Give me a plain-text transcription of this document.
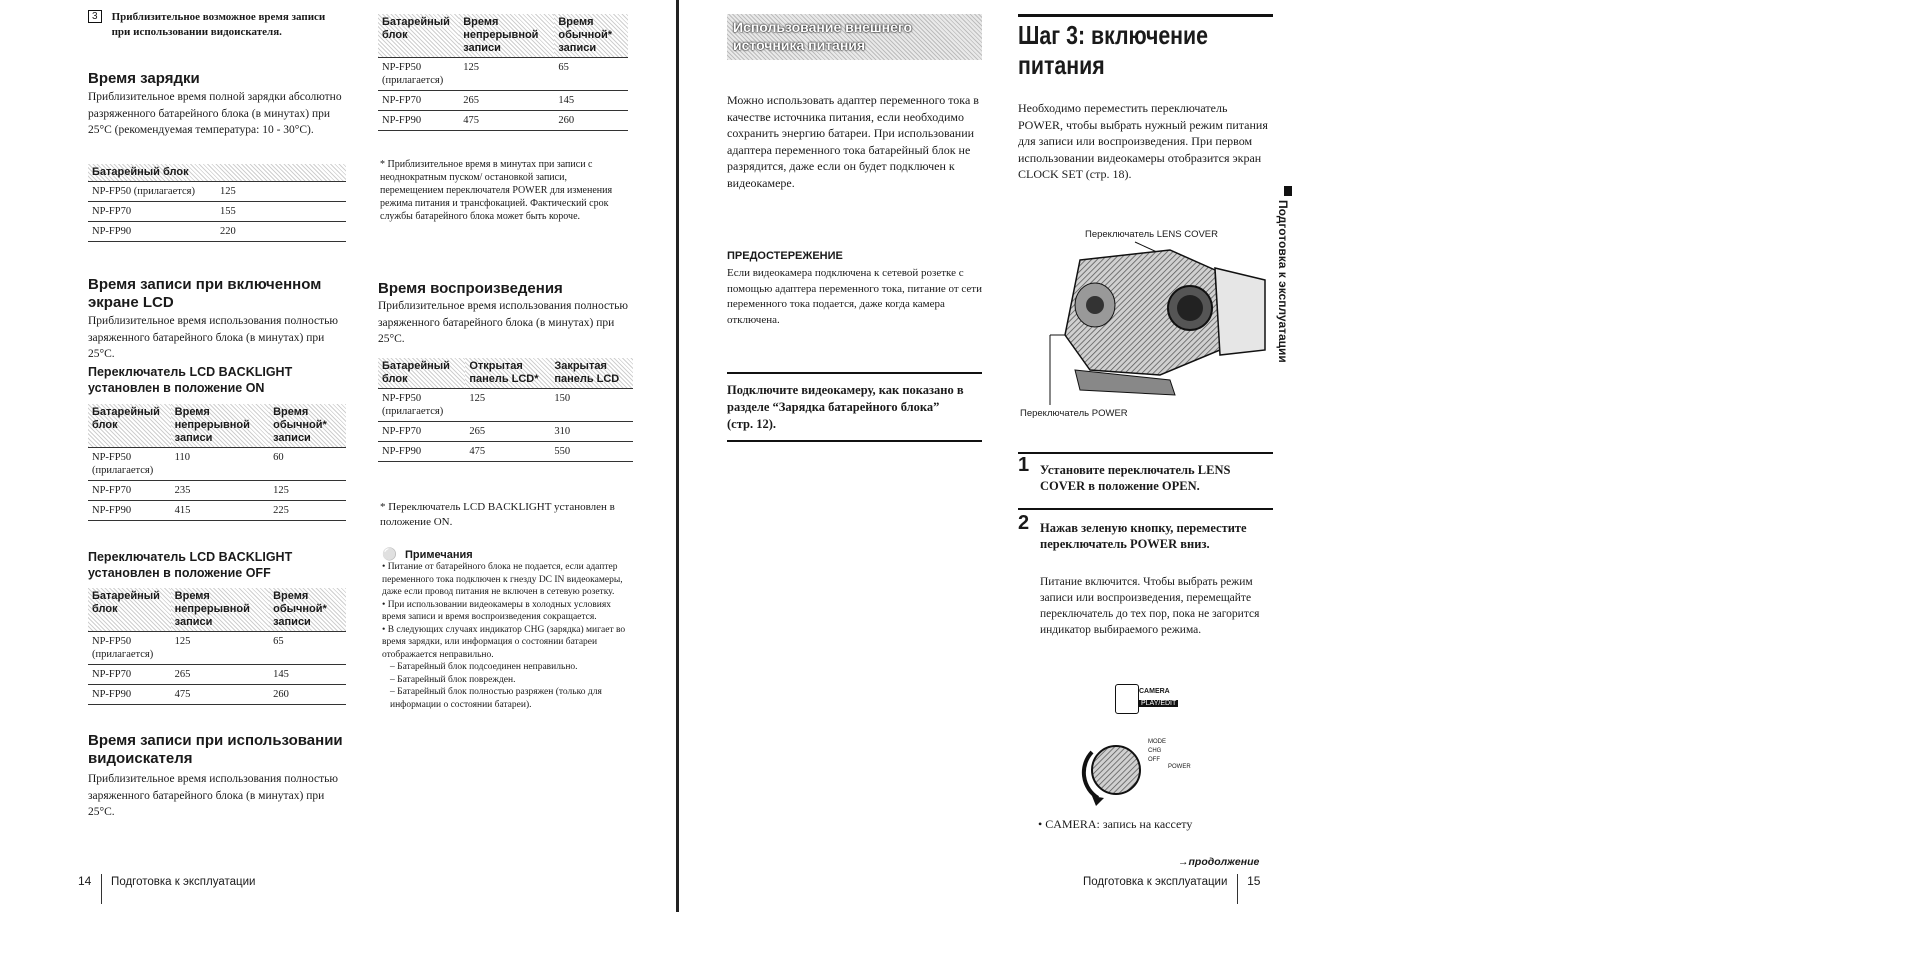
3 Приблизительное возможное время записи при использовании видоискателя.
Время зарядки
Приблизительное время полной зарядки абсолютно разряженного батарейного блока (в минутах) при 25°C (рекомендуемая температура: 10 - 30°C).
Батарейный блок	
NP-FP50 (прилагается)	125
NP-FP70	155
NP-FP90	220
Время записи при включенном экране LCD
Приблизительное время использования полностью заряженного батарейного блока (в минутах) при 25°C.
Переключатель LCD BACKLIGHT установлен в положение ON
Батарейный блок	Время непрерывной записи	Время обычной* записи
NP-FP50 (прилагается)	110	60
NP-FP70	235	125
NP-FP90	415	225
Переключатель LCD BACKLIGHT установлен в положение OFF
Батарейный блок	Время непрерывной записи	Время обычной* записи
NP-FP50 (прилагается)	125	65
NP-FP70	265	145
NP-FP90	475	260
Время записи при использовании видоискателя
Приблизительное время использования полностью заряженного батарейного блока (в минутах) при 25°C.
Батарейный блок	Время непрерывной записи	Время обычной* записи
NP-FP50 (прилагается)	125	65
NP-FP70	265	145
NP-FP90	475	260
* Приблизительное время в минутах при записи с неоднократным пуском/ остановкой записи, перемещением переключателя POWER для изменения режима питания и трансфокацией. Фактический срок службы батарейного блока может быть короче.
Время воспроизведения
Приблизительное время использования полностью заряженного батарейного блока (в минутах) при 25°C.
Батарейный блок	Открытая панель LCD*	Закрытая панель LCD
NP-FP50 (прилагается)	125	150
NP-FP70	265	310
NP-FP90	475	550
* Переключатель LCD BACKLIGHT установлен в положение ON.
⚪ Примечания
• Питание от батарейного блока не подается, если адаптер переменного тока подключен к гнезду DC IN видеокамеры, даже если провод питания не включен в сетевую розетку.
• При использовании видеокамеры в холодных условиях время записи и время воспроизведения сокращается.
• В следующих случаях индикатор CHG (зарядка) мигает во время зарядки, или информация о состоянии батареи отображается неправильно.
– Батарейный блок подсоединен неправильно.
– Батарейный блок поврежден.
– Батарейный блок полностью разряжен (только для информации о состоянии батареи).
14 Подготовка к эксплуатации
Использование внешнего источника питания
Можно использовать адаптер переменного тока в качестве источника питания, если необходимо сохранить энергию батареи. При использовании адаптера переменного тока батарейный блок не разрядится, даже если он будет подключен к видеокамере.
ПРЕДОСТЕРЕЖЕНИЕ
Если видеокамера подключена к сетевой розетке с помощью адаптера переменного тока, питание от сети переменного тока подается, даже когда камера отключена.
Подключите видеокамеру, как показано в разделе “Зарядка батарейного блока” (стр. 12).
Шаг 3: включение питания
Необходимо переместить переключатель POWER, чтобы выбрать нужный режим питания для записи или воспроизведения. При первом использовании видеокамеры отобразится экран CLOCK SET (стр. 18).
Переключатель LENS COVER
Переключатель POWER
1 Установите переключатель LENS COVER в положение OPEN.
2 Нажав зеленую кнопку, переместите переключатель POWER вниз.
Питание включится. Чтобы выбрать режим записи или воспроизведения, перемещайте переключатель до тех пор, пока не загорится индикатор выбираемого режима.
CAMERA
PLAY/EDIT
MODE
CHG
OFF
POWER
• CAMERA: запись на кассету
→продолжение
Подготовка к эксплуатации
Подготовка к эксплуатации 15
